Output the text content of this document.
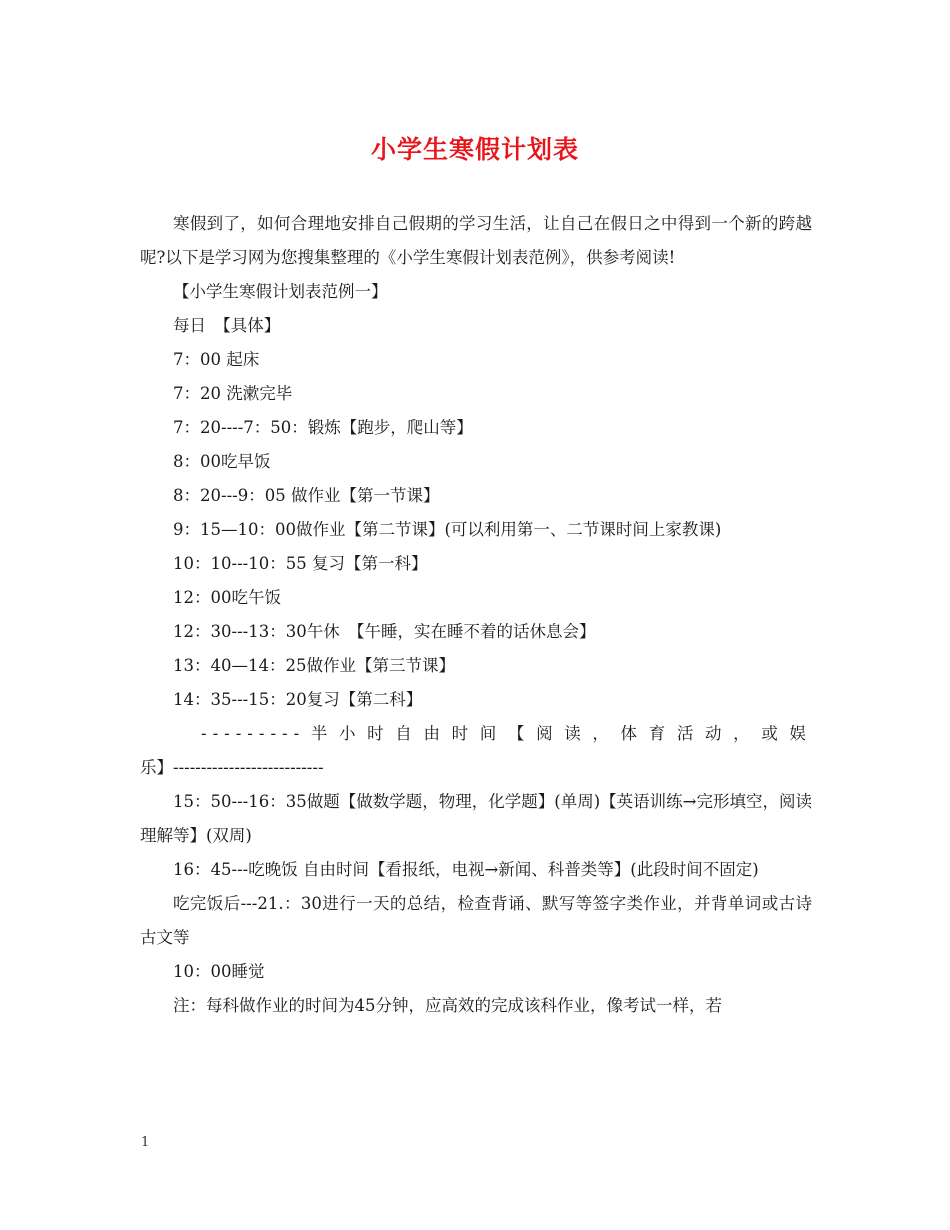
小学生寒假计划表

寒假到了，如何合理地安排自己假期的学习生活，让自己在假日之中得到一个新的跨越呢?以下是学习网为您搜集整理的《小学生寒假计划表范例》，供参考阅读!

【小学生寒假计划表范例一】

每日　【具体】

7：00 起床

7：20 洗漱完毕

7：20----7：50：锻炼【跑步，爬山等】

8：00吃早饭

8：20---9：05 做作业【第一节课】

9：15—10：00做作业【第二节课】(可以利用第一、二节课时间上家教课)

10：10---10：55 复习【第一科】

12：00吃午饭

12：30---13：30午休　【午睡，实在睡不着的话休息会】

13：40—14：25做作业【第三节课】

14：35---15：20复习【第二科】

---------半小时自由时间【阅读，体育活动，或娱

乐】---------------------------

15：50---16：35做题【做数学题，物理，化学题】(单周)【英语训练→完形填空，阅读理解等】(双周)

16：45---吃晚饭 自由时间【看报纸，电视→新闻、科普类等】(此段时间不固定)

吃完饭后---21.：30进行一天的总结，检查背诵、默写等签字类作业，并背单词或古诗古文等

10：00睡觉

注：每科做作业的时间为45分钟，应高效的完成该科作业，像考试一样，若

1
